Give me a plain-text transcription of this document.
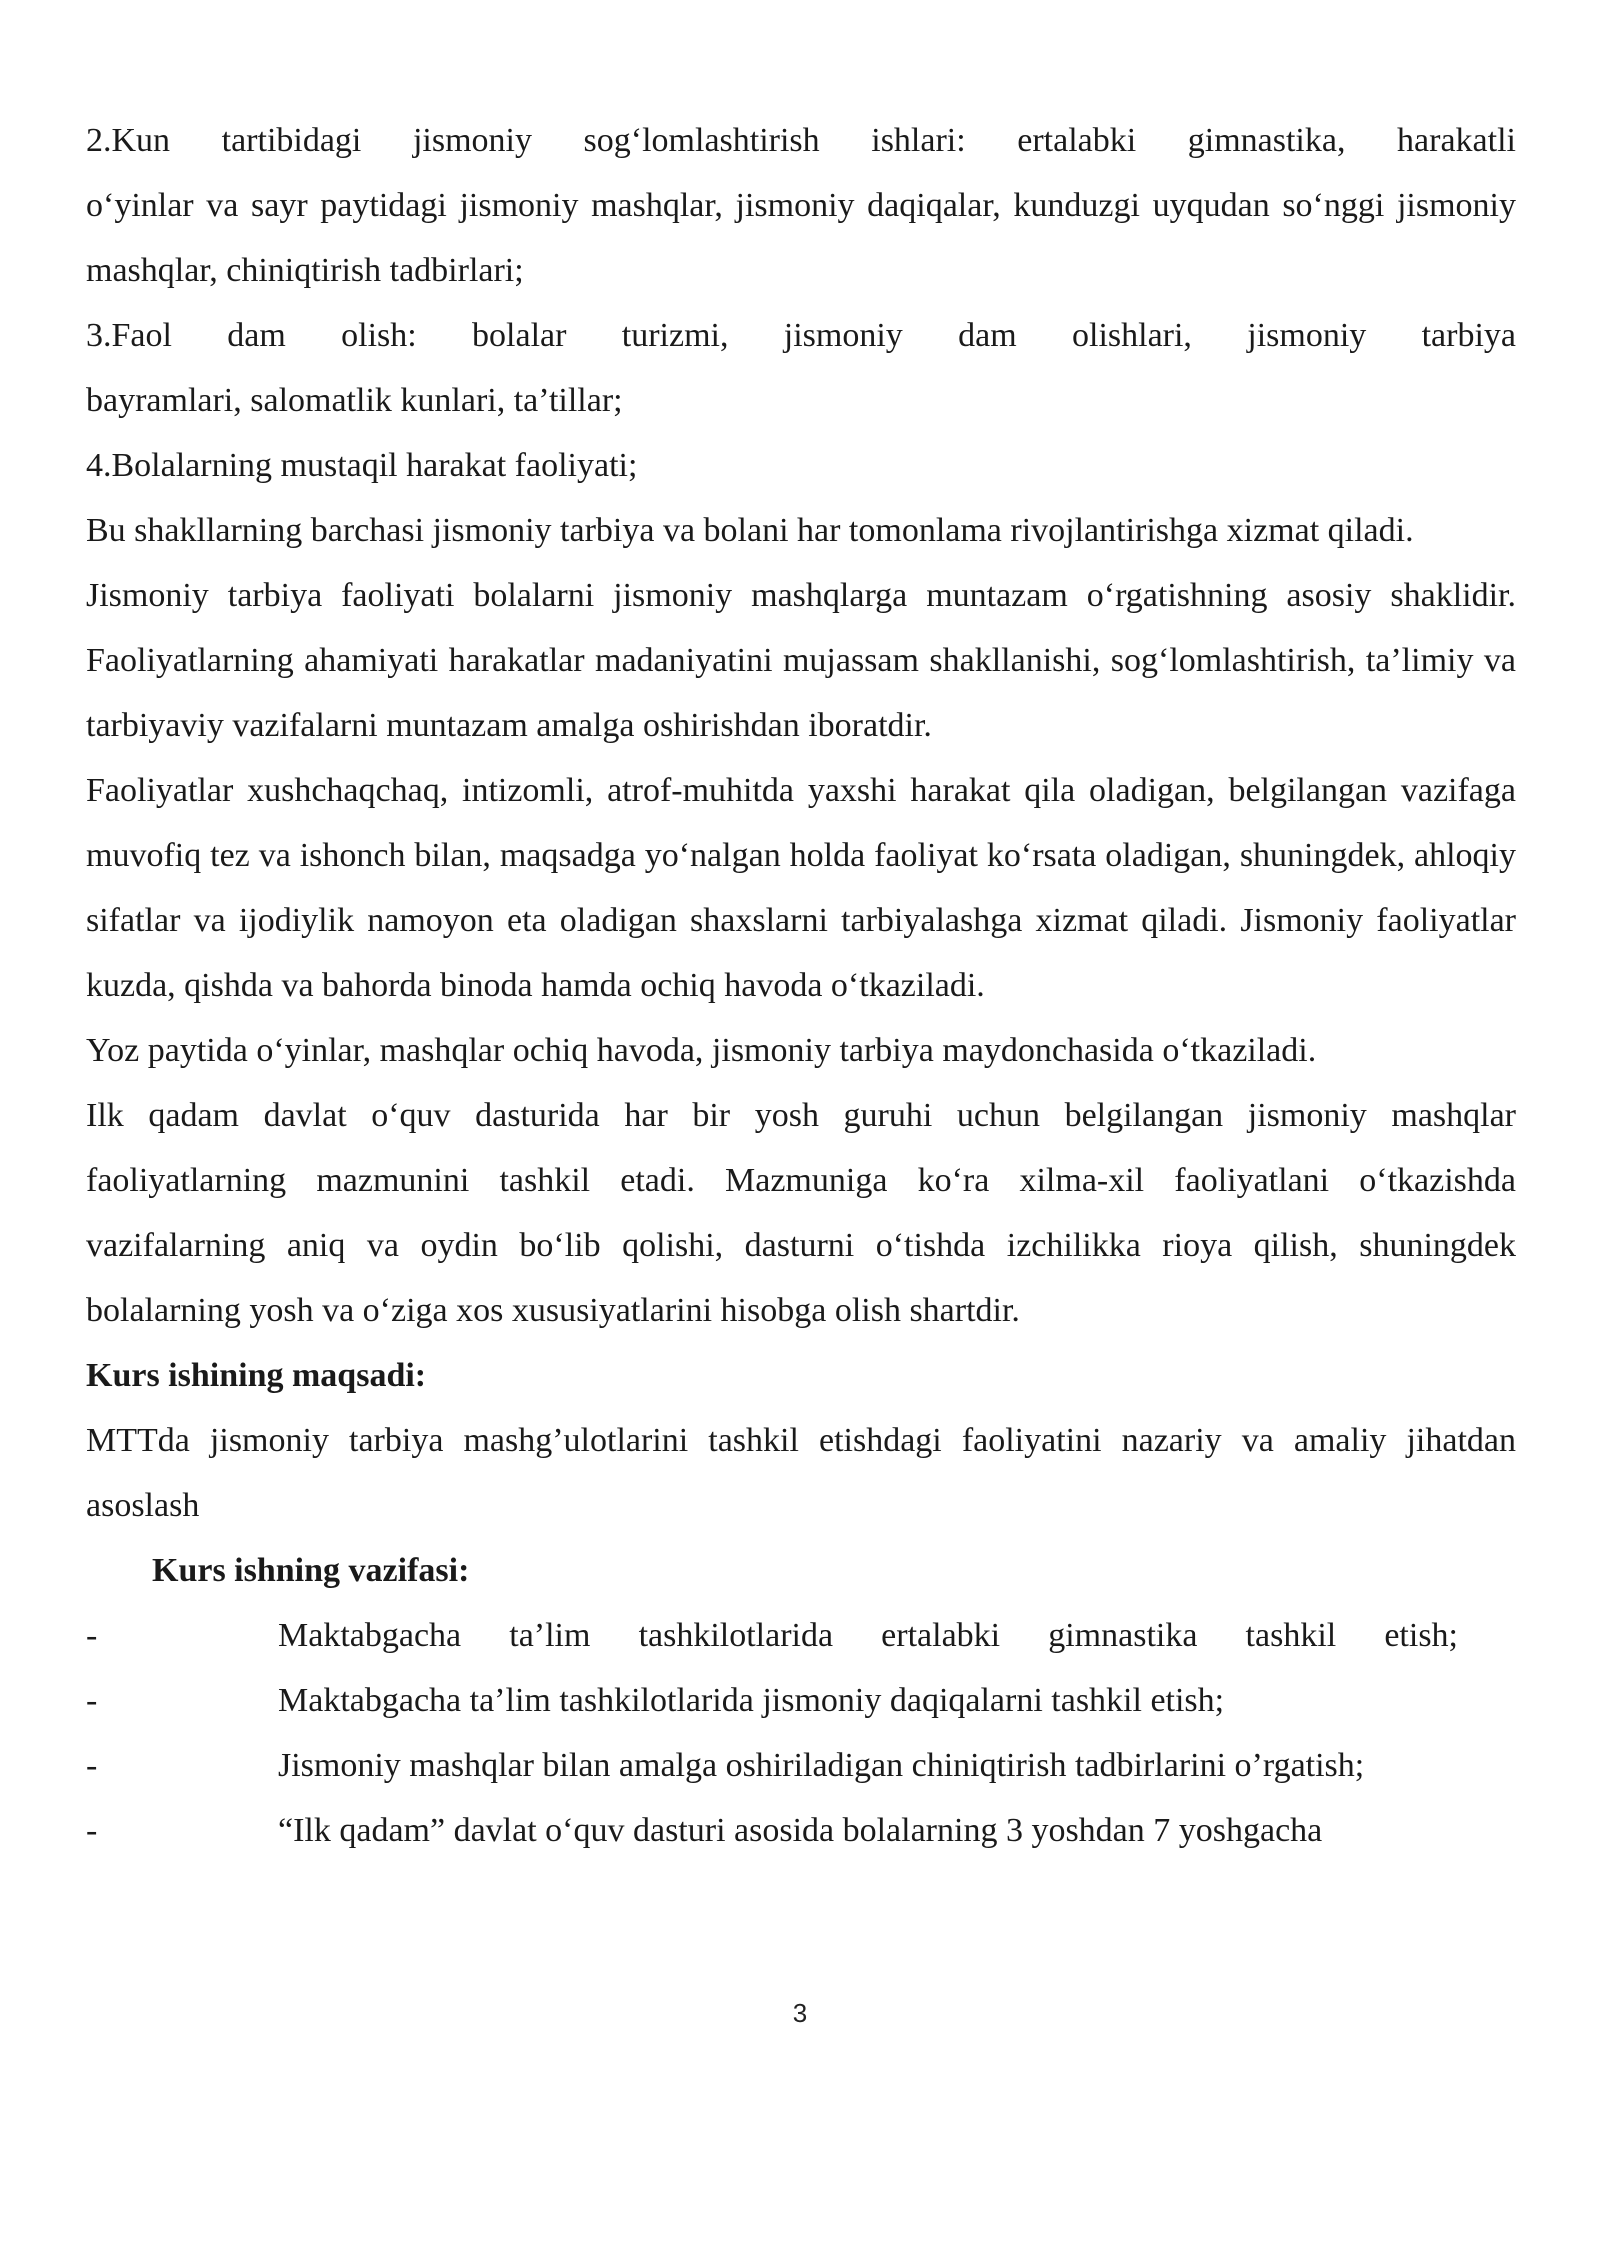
2.Kun tartibidagi jismoniy sog‘lomlashtirish ishlari: ertalabki gimnastika, harakatli

o‘yinlar va sayr paytidagi jismoniy mashqlar, jismoniy daqiqalar, kunduzgi uyqudan so‘nggi jismoniy mashqlar, chiniqtirish tadbirlari;

3.Faol dam olish: bolalar turizmi, jismoniy dam olishlari, jismoniy tarbiya

bayramlari, salomatlik kunlari, ta’tillar;

4.Bolalarning mustaqil harakat faoliyati;

Bu shakllarning barchasi jismoniy tarbiya va bolani har tomonlama rivojlantirishga xizmat qiladi.

Jismoniy tarbiya faoliyati bolalarni jismoniy mashqlarga muntazam o‘rgatishning asosiy shaklidir. Faoliyatlarning ahamiyati harakatlar madaniyatini mujassam shakllanishi, sog‘lomlashtirish, ta’limiy va tarbiyaviy vazifalarni muntazam amalga oshirishdan iboratdir.

Faoliyatlar xushchaqchaq, intizomli, atrof-muhitda yaxshi harakat qila oladigan, belgilangan vazifaga muvofiq tez va ishonch bilan, maqsadga yo‘nalgan holda faoliyat ko‘rsata oladigan, shuningdek, ahloqiy sifatlar va ijodiylik namoyon eta oladigan shaxslarni tarbiyalashga xizmat qiladi. Jismoniy faoliyatlar kuzda, qishda va bahorda binoda hamda ochiq havoda o‘tkaziladi.

Yoz paytida o‘yinlar, mashqlar ochiq havoda, jismoniy tarbiya maydonchasida o‘tkaziladi.

Ilk qadam davlat o‘quv dasturida har bir yosh guruhi uchun belgilangan jismoniy mashqlar faoliyatlarning mazmunini tashkil etadi. Mazmuniga ko‘ra xilma-xil faoliyatlani o‘tkazishda vazifalarning aniq va oydin bo‘lib qolishi, dasturni o‘tishda izchilikka rioya qilish, shuningdek bolalarning yosh va o‘ziga xos xususiyatlarini hisobga olish shartdir.

Kurs ishining maqsadi:

MTTda jismoniy tarbiya mashg’ulotlarini tashkil etishdagi faoliyatini nazariy va amaliy jihatdan asoslash

Kurs ishning vazifasi:

-	Maktabgacha ta’lim tashkilotlarida ertalabki gimnastika tashkil etish;
-	Maktabgacha ta’lim tashkilotlarida jismoniy daqiqalarni tashkil etish;
-	Jismoniy mashqlar bilan amalga oshiriladigan chiniqtirish tadbirlarini o’rgatish;
-	“Ilk qadam” davlat o‘quv dasturi asosida bolalarning 3 yoshdan 7 yoshgacha
3
